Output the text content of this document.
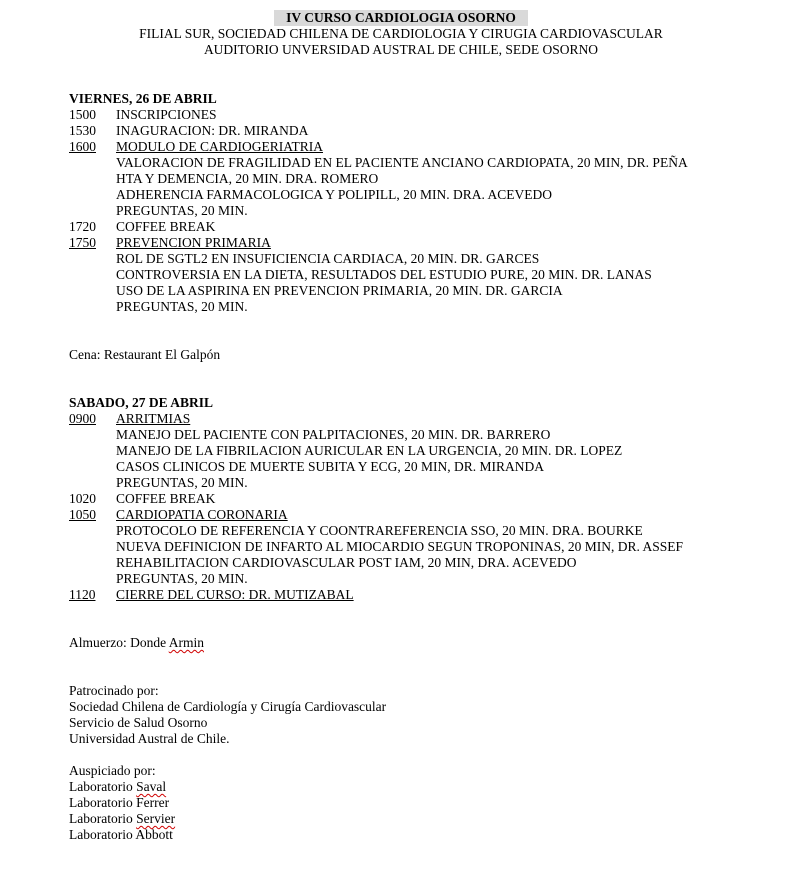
IV CURSO CARDIOLOGIA OSORNO
FILIAL SUR, SOCIEDAD CHILENA DE CARDIOLOGIA Y CIRUGIA CARDIOVASCULAR
AUDITORIO UNVERSIDAD AUSTRAL DE CHILE, SEDE OSORNO
VIERNES, 26 DE ABRIL
1500 INSCRIPCIONES
1530 INAGURACION: DR. MIRANDA
1600	MODULO DE CARDIOGERIATRIA
VALORACION DE FRAGILIDAD EN EL PACIENTE ANCIANO CARDIOPATA, 20 MIN, DR. PEÑA
HTA Y DEMENCIA, 20 MIN. DRA. ROMERO
ADHERENCIA FARMACOLOGICA Y POLIPILL, 20 MIN. DRA. ACEVEDO
PREGUNTAS, 20 MIN.
1720 COFFEE BREAK
1750	PREVENCION PRIMARIA
ROL DE SGTL2 EN INSUFICIENCIA CARDIACA, 20 MIN. DR. GARCES
CONTROVERSIA EN LA DIETA, RESULTADOS DEL ESTUDIO PURE, 20 MIN. DR. LANAS
USO DE LA ASPIRINA EN PREVENCION PRIMARIA, 20 MIN. DR. GARCIA
PREGUNTAS, 20 MIN.
Cena: Restaurant El Galpón
SABADO, 27 DE ABRIL
0900	ARRITMIAS
MANEJO DEL PACIENTE CON PALPITACIONES, 20 MIN. DR. BARRERO
MANEJO DE LA FIBRILACION AURICULAR EN LA URGENCIA, 20 MIN. DR. LOPEZ
CASOS CLINICOS DE MUERTE SUBITA Y ECG, 20 MIN, DR. MIRANDA
PREGUNTAS, 20 MIN.
1020 COFFEE BREAK
1050	CARDIOPATIA CORONARIA
PROTOCOLO DE REFERENCIA Y COONTRAREFERENCIA SSO, 20 MIN. DRA. BOURKE
NUEVA DEFINICION DE INFARTO AL MIOCARDIO SEGUN TROPONINAS, 20 MIN, DR. ASSEF
REHABILITACION CARDIOVASCULAR POST IAM, 20 MIN, DRA. ACEVEDO
PREGUNTAS, 20 MIN.
1120	CIERRE DEL CURSO: DR. MUTIZABAL
Almuerzo: Donde Armin
Patrocinado por:
Sociedad Chilena de Cardiología y Cirugía Cardiovascular
Servicio de Salud Osorno
Universidad Austral de Chile.
Auspiciado por:
Laboratorio Saval
Laboratorio Ferrer
Laboratorio Servier
Laboratorio Abbott
